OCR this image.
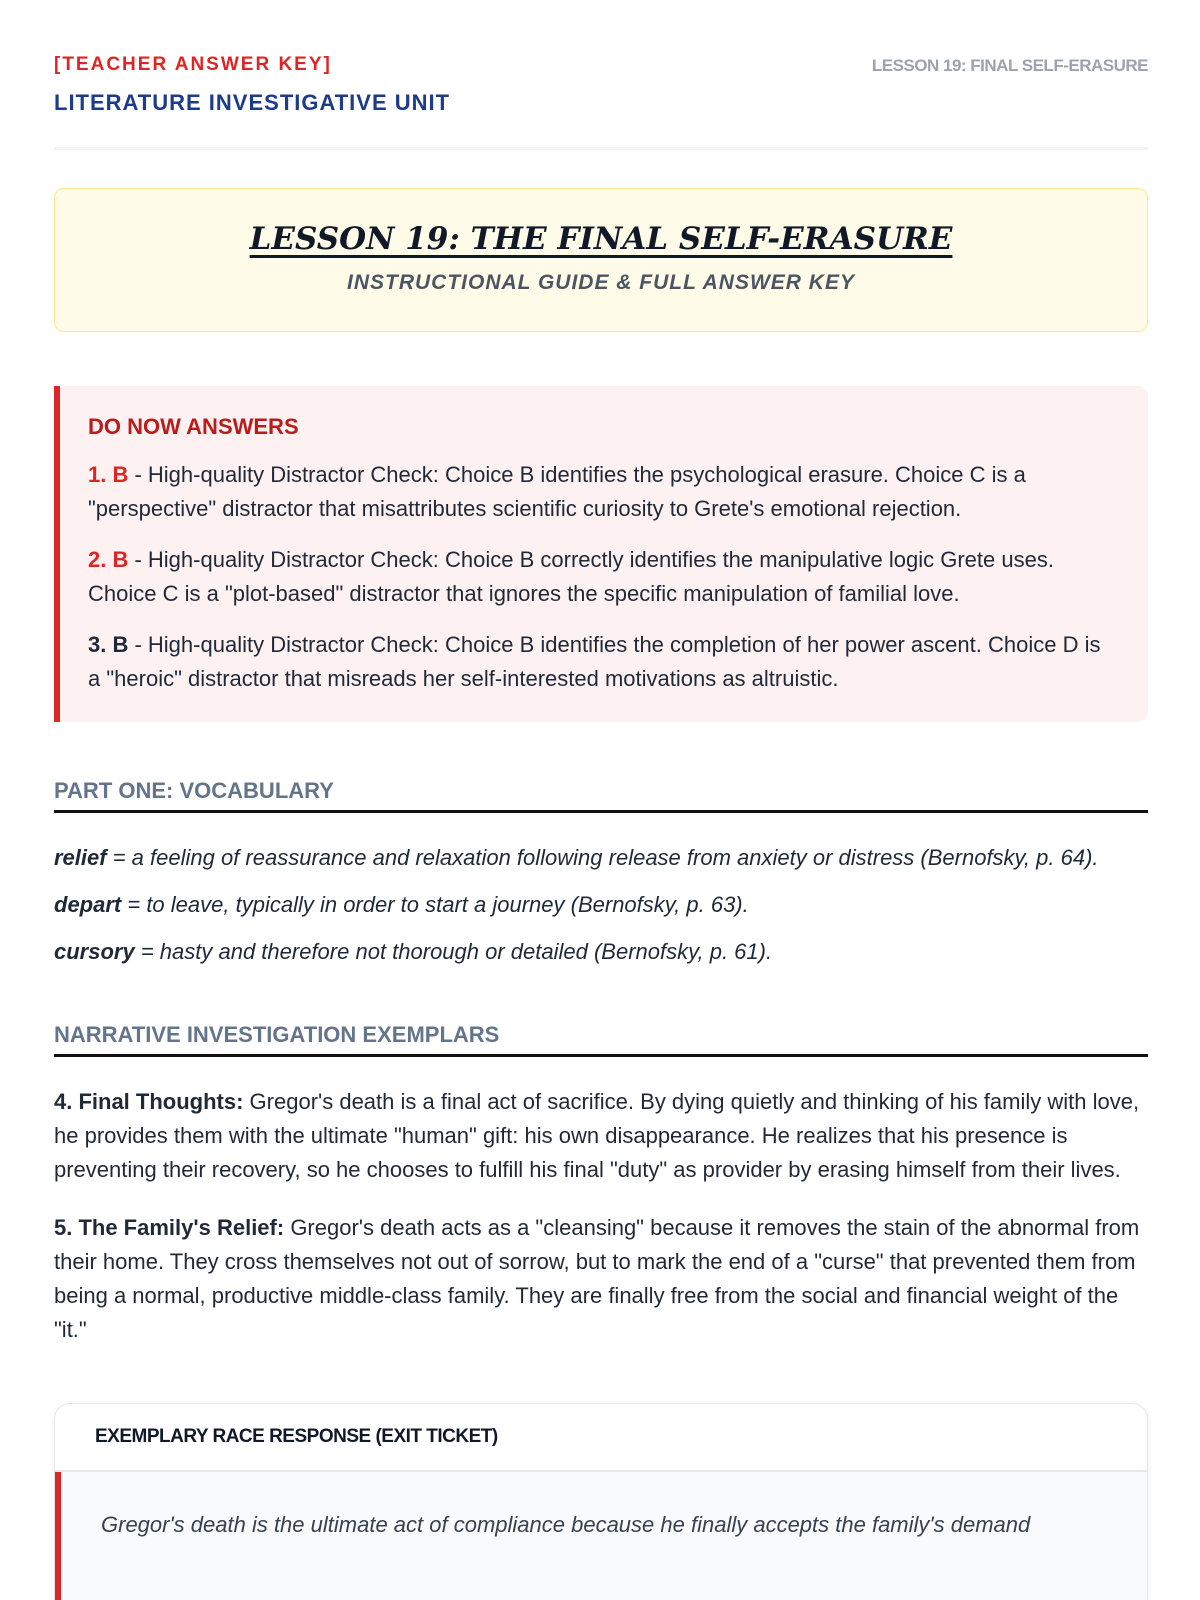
[TEACHER ANSWER KEY]
LITERATURE INVESTIGATIVE UNIT
LESSON 19: FINAL SELF-ERASURE
LESSON 19: THE FINAL SELF-ERASURE
INSTRUCTIONAL GUIDE & FULL ANSWER KEY
DO NOW ANSWERS

1. B - High-quality Distractor Check: Choice B identifies the psychological erasure. Choice C is a "perspective" distractor that misattributes scientific curiosity to Grete's emotional rejection.

2. B - High-quality Distractor Check: Choice B correctly identifies the manipulative logic Grete uses. Choice C is a "plot-based" distractor that ignores the specific manipulation of familial love.

3. B - High-quality Distractor Check: Choice B identifies the completion of her power ascent. Choice D is a "heroic" distractor that misreads her self-interested motivations as altruistic.

PART ONE: VOCABULARY

relief = a feeling of reassurance and relaxation following release from anxiety or distress (Bernofsky, p. 64).

depart = to leave, typically in order to start a journey (Bernofsky, p. 63).

cursory = hasty and therefore not thorough or detailed (Bernofsky, p. 61).

NARRATIVE INVESTIGATION EXEMPLARS

4. Final Thoughts: Gregor's death is a final act of sacrifice. By dying quietly and thinking of his family with love, he provides them with the ultimate "human" gift: his own disappearance. He realizes that his presence is preventing their recovery, so he chooses to fulfill his final "duty" as provider by erasing himself from their lives.

5. The Family's Relief: Gregor's death acts as a "cleansing" because it removes the stain of the abnormal from their home. They cross themselves not out of sorrow, but to mark the end of a "curse" that prevented them from being a normal, productive middle-class family. They are finally free from the social and financial weight of the "it."

EXEMPLARY RACE RESPONSE (EXIT TICKET)
Gregor's death is the ultimate act of compliance because he finally accepts the family's demand
